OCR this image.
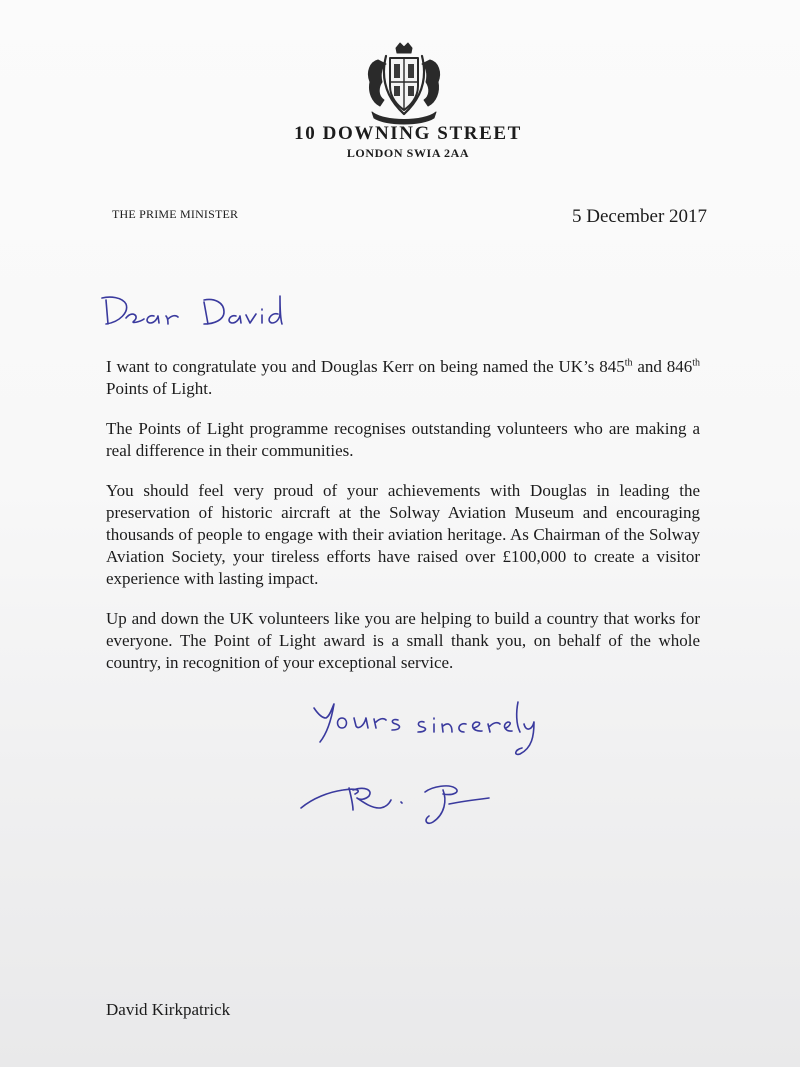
10 DOWNING STREET
LONDON SWIA 2AA
THE PRIME MINISTER	5 December 2017

I want to congratulate you and Douglas Kerr on being named the UK’s 845th and 846th Points of Light.

The Points of Light programme recognises outstanding volunteers who are making a real difference in their communities.

You should feel very proud of your achievements with Douglas in leading the preservation of historic aircraft at the Solway Aviation Museum and encouraging thousands of people to engage with their aviation heritage. As Chairman of the Solway Aviation Society, your tireless efforts have raised over £100,000 to create a visitor experience with lasting impact.

Up and down the UK volunteers like you are helping to build a country that works for everyone. The Point of Light award is a small thank you, on behalf of the whole country, in recognition of your exceptional service.

David Kirkpatrick
